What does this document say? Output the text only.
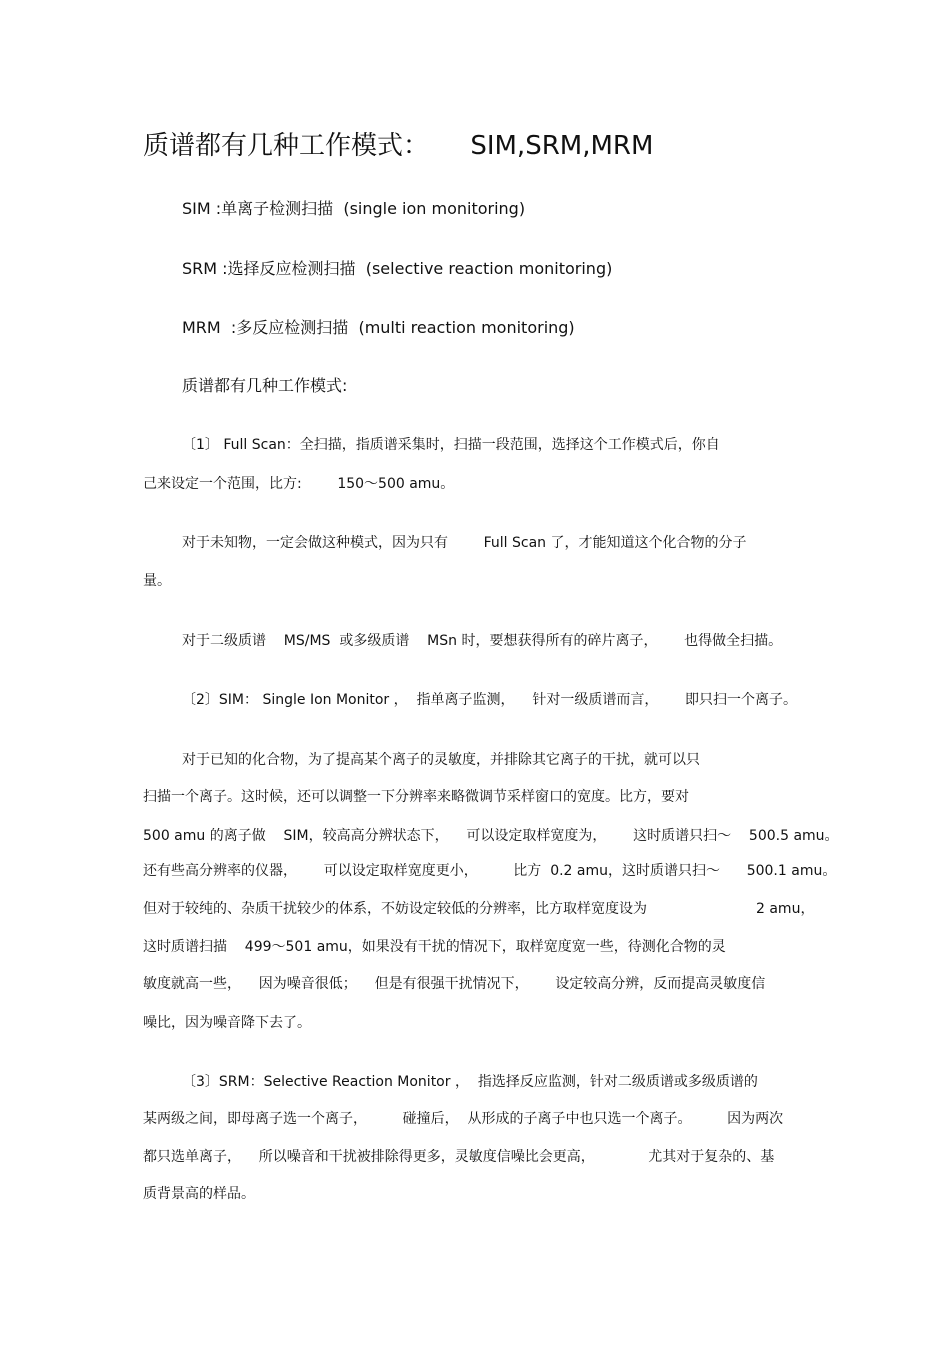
质谱都有几种工作模式：     SIM,SRM,MRM
SIM :单离子检测扫描  (single ion monitoring)
SRM :选择反应检测扫描  (selective reaction monitoring)
MRM  :多反应检测扫描  (multi reaction monitoring)
质谱都有几种工作模式:
〔1〕 Full Scan：全扫描，指质谱采集时，扫描一段范围，选择这个工作模式后，你自
己来设定一个范围，比方:        150～500 amu。
对于未知物，一定会做这种模式，因为只有        Full Scan 了，才能知道这个化合物的分子
量。
对于二级质谱    MS/MS  或多级质谱    MSn 时，要想获得所有的碎片离子，      也得做全扫描。
〔2〕SIM： Single Ion Monitor ，  指单离子监测，    针对一级质谱而言，      即只扫一个离子。
对于已知的化合物，为了提高某个离子的灵敏度，并排除其它离子的干扰，就可以只
扫描一个离子。这时候，还可以调整一下分辨率来略微调节采样窗口的宽度。比方，要对
500 amu 的离子做    SIM，较高高分辨状态下，    可以设定取样宽度为，      这时质谱只扫～    500.5 amu。
还有些高分辨率的仪器，      可以设定取样宽度更小，        比方  0.2 amu，这时质谱只扫～      500.1 amu。
但对于较纯的、杂质干扰较少的体系，不妨设定较低的分辨率，比方取样宽度设为	2 amu，
这时质谱扫描    499～501 amu，如果没有干扰的情况下，取样宽度宽一些，待测化合物的灵
敏度就高一些，    因为噪音很低；    但是有很强干扰情况下，      设定较高分辨，反而提高灵敏度信
噪比，因为噪音降下去了。
〔3〕SRM：Selective Reaction Monitor ，  指选择反应监测，针对二级质谱或多级质谱的
某两级之间，即母离子选一个离子，        碰撞后，  从形成的子离子中也只选一个离子。        因为两次
都只选单离子，    所以噪音和干扰被排除得更多，灵敏度信噪比会更高，            尤其对于复杂的、基
质背景高的样品。
